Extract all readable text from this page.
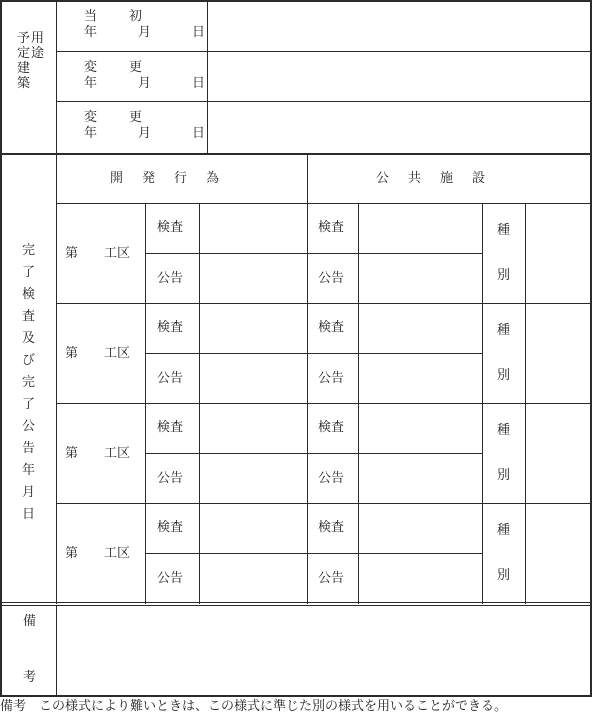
予定建築
用途
当　　初
年　月　日
変　　更
年　月　日
変　　更
年　月　日
完了検査及び完了公告年月日
開　発　行　為	公　共　施　設
第　　工区
検査
公告
検査
公告
種
別
第　　工区
検査
公告
検査
公告
種
別
第　　工区
検査
公告
検査
公告
種
別
第　　工区
検査
公告
検査
公告
種
別
備
考
備考　この様式により難いときは、この様式に準じた別の様式を用いることができる。
